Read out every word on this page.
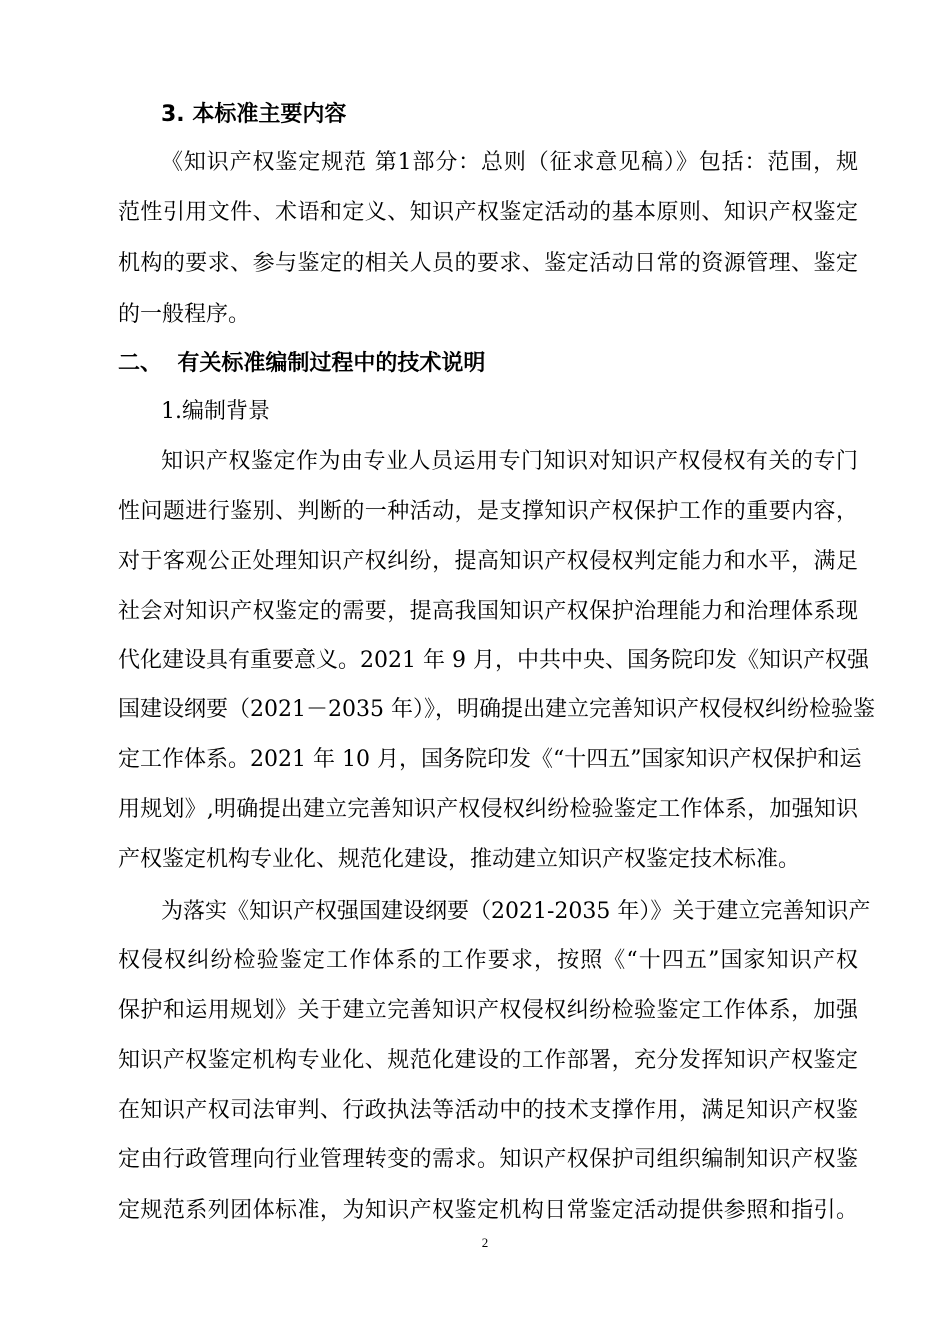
3. 本标准主要内容
《知识产权鉴定规范 第1部分：总则（征求意见稿）》包括：范围，规
范性引用文件、术语和定义、知识产权鉴定活动的基本原则、知识产权鉴定
机构的要求、参与鉴定的相关人员的要求、鉴定活动日常的资源管理、鉴定
的一般程序。
二、  有关标准编制过程中的技术说明
1.编制背景
知识产权鉴定作为由专业人员运用专门知识对知识产权侵权有关的专门
性问题进行鉴别、判断的一种活动，是支撑知识产权保护工作的重要内容，
对于客观公正处理知识产权纠纷，提高知识产权侵权判定能力和水平，满足
社会对知识产权鉴定的需要，提高我国知识产权保护治理能力和治理体系现
代化建设具有重要意义。2021 年 9 月，中共中央、国务院印发《知识产权强
国建设纲要（2021－2035 年）》，明确提出建立完善知识产权侵权纠纷检验鉴
定工作体系。2021 年 10 月，国务院印发《“十四五”国家知识产权保护和运
用规划》,明确提出建立完善知识产权侵权纠纷检验鉴定工作体系，加强知识
产权鉴定机构专业化、规范化建设，推动建立知识产权鉴定技术标准。
为落实《知识产权强国建设纲要（2021-2035 年）》关于建立完善知识产
权侵权纠纷检验鉴定工作体系的工作要求，按照《“十四五”国家知识产权
保护和运用规划》关于建立完善知识产权侵权纠纷检验鉴定工作体系，加强
知识产权鉴定机构专业化、规范化建设的工作部署，充分发挥知识产权鉴定
在知识产权司法审判、行政执法等活动中的技术支撑作用，满足知识产权鉴
定由行政管理向行业管理转变的需求。知识产权保护司组织编制知识产权鉴
定规范系列团体标准，为知识产权鉴定机构日常鉴定活动提供参照和指引。
2
